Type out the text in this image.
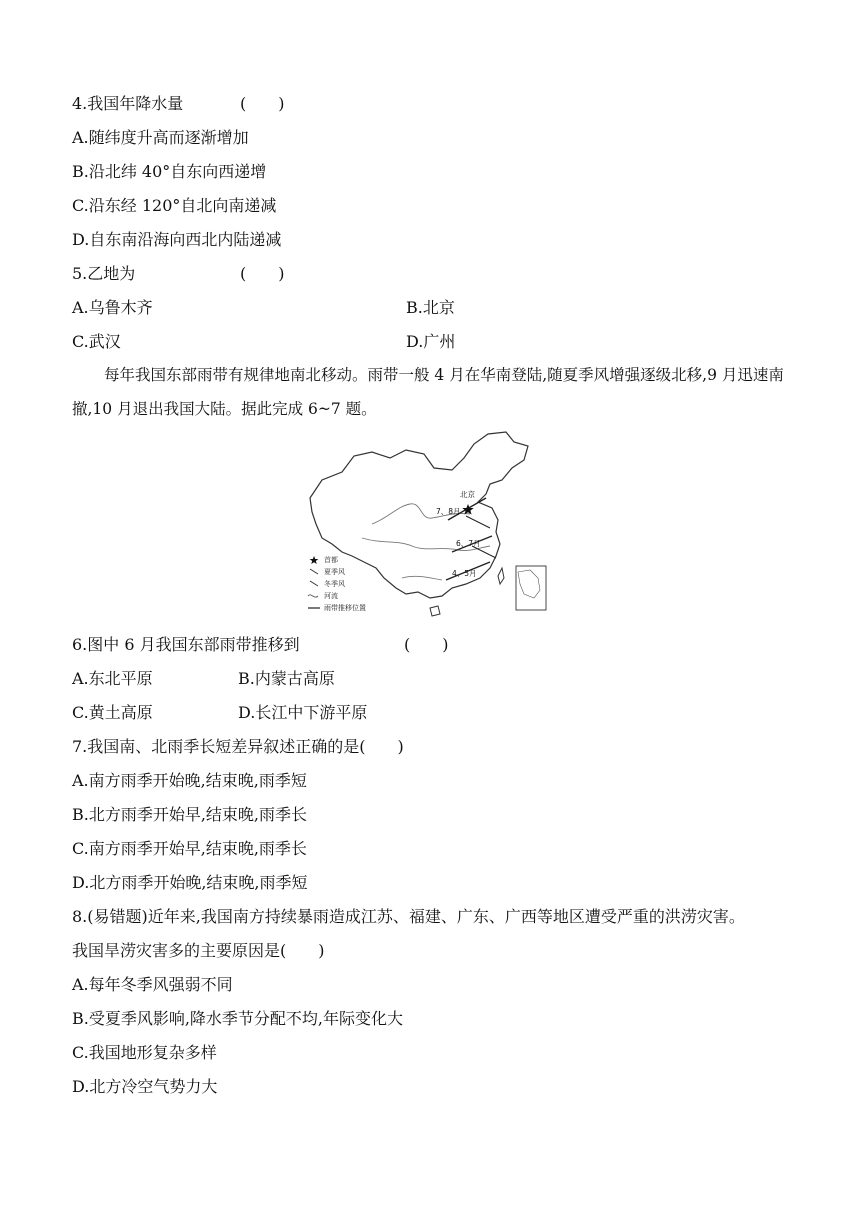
4.我国年降水量	(　　)
A.随纬度升高而逐渐增加
B.沿北纬 40°自东向西递增
C.沿东经 120°自北向南递减
D.自东南沿海向西北内陆递减
5.乙地为	(　　)
A.乌鲁木齐	B.北京
C.武汉	D.广州
每年我国东部雨带有规律地南北移动。雨带一般 4 月在华南登陆,随夏季风增强逐级北移,9 月迅速南撤,10 月退出我国大陆。据此完成 6~7 题。
北京
7、8月
6、7月
4、5月
首都
夏季风
冬季风
河流
雨带推移位置
6.图中 6 月我国东部雨带推移到	(　　)
A.东北平原	B.内蒙古高原
C.黄土高原	D.长江中下游平原
7.我国南、北雨季长短差异叙述正确的是(　　)
A.南方雨季开始晚,结束晚,雨季短
B.北方雨季开始早,结束晚,雨季长
C.南方雨季开始早,结束晚,雨季长
D.北方雨季开始晚,结束晚,雨季短
8.(易错题)近年来,我国南方持续暴雨造成江苏、福建、广东、广西等地区遭受严重的洪涝灾害。
我国旱涝灾害多的主要原因是(　　)
A.每年冬季风强弱不同
B.受夏季风影响,降水季节分配不均,年际变化大
C.我国地形复杂多样
D.北方冷空气势力大
